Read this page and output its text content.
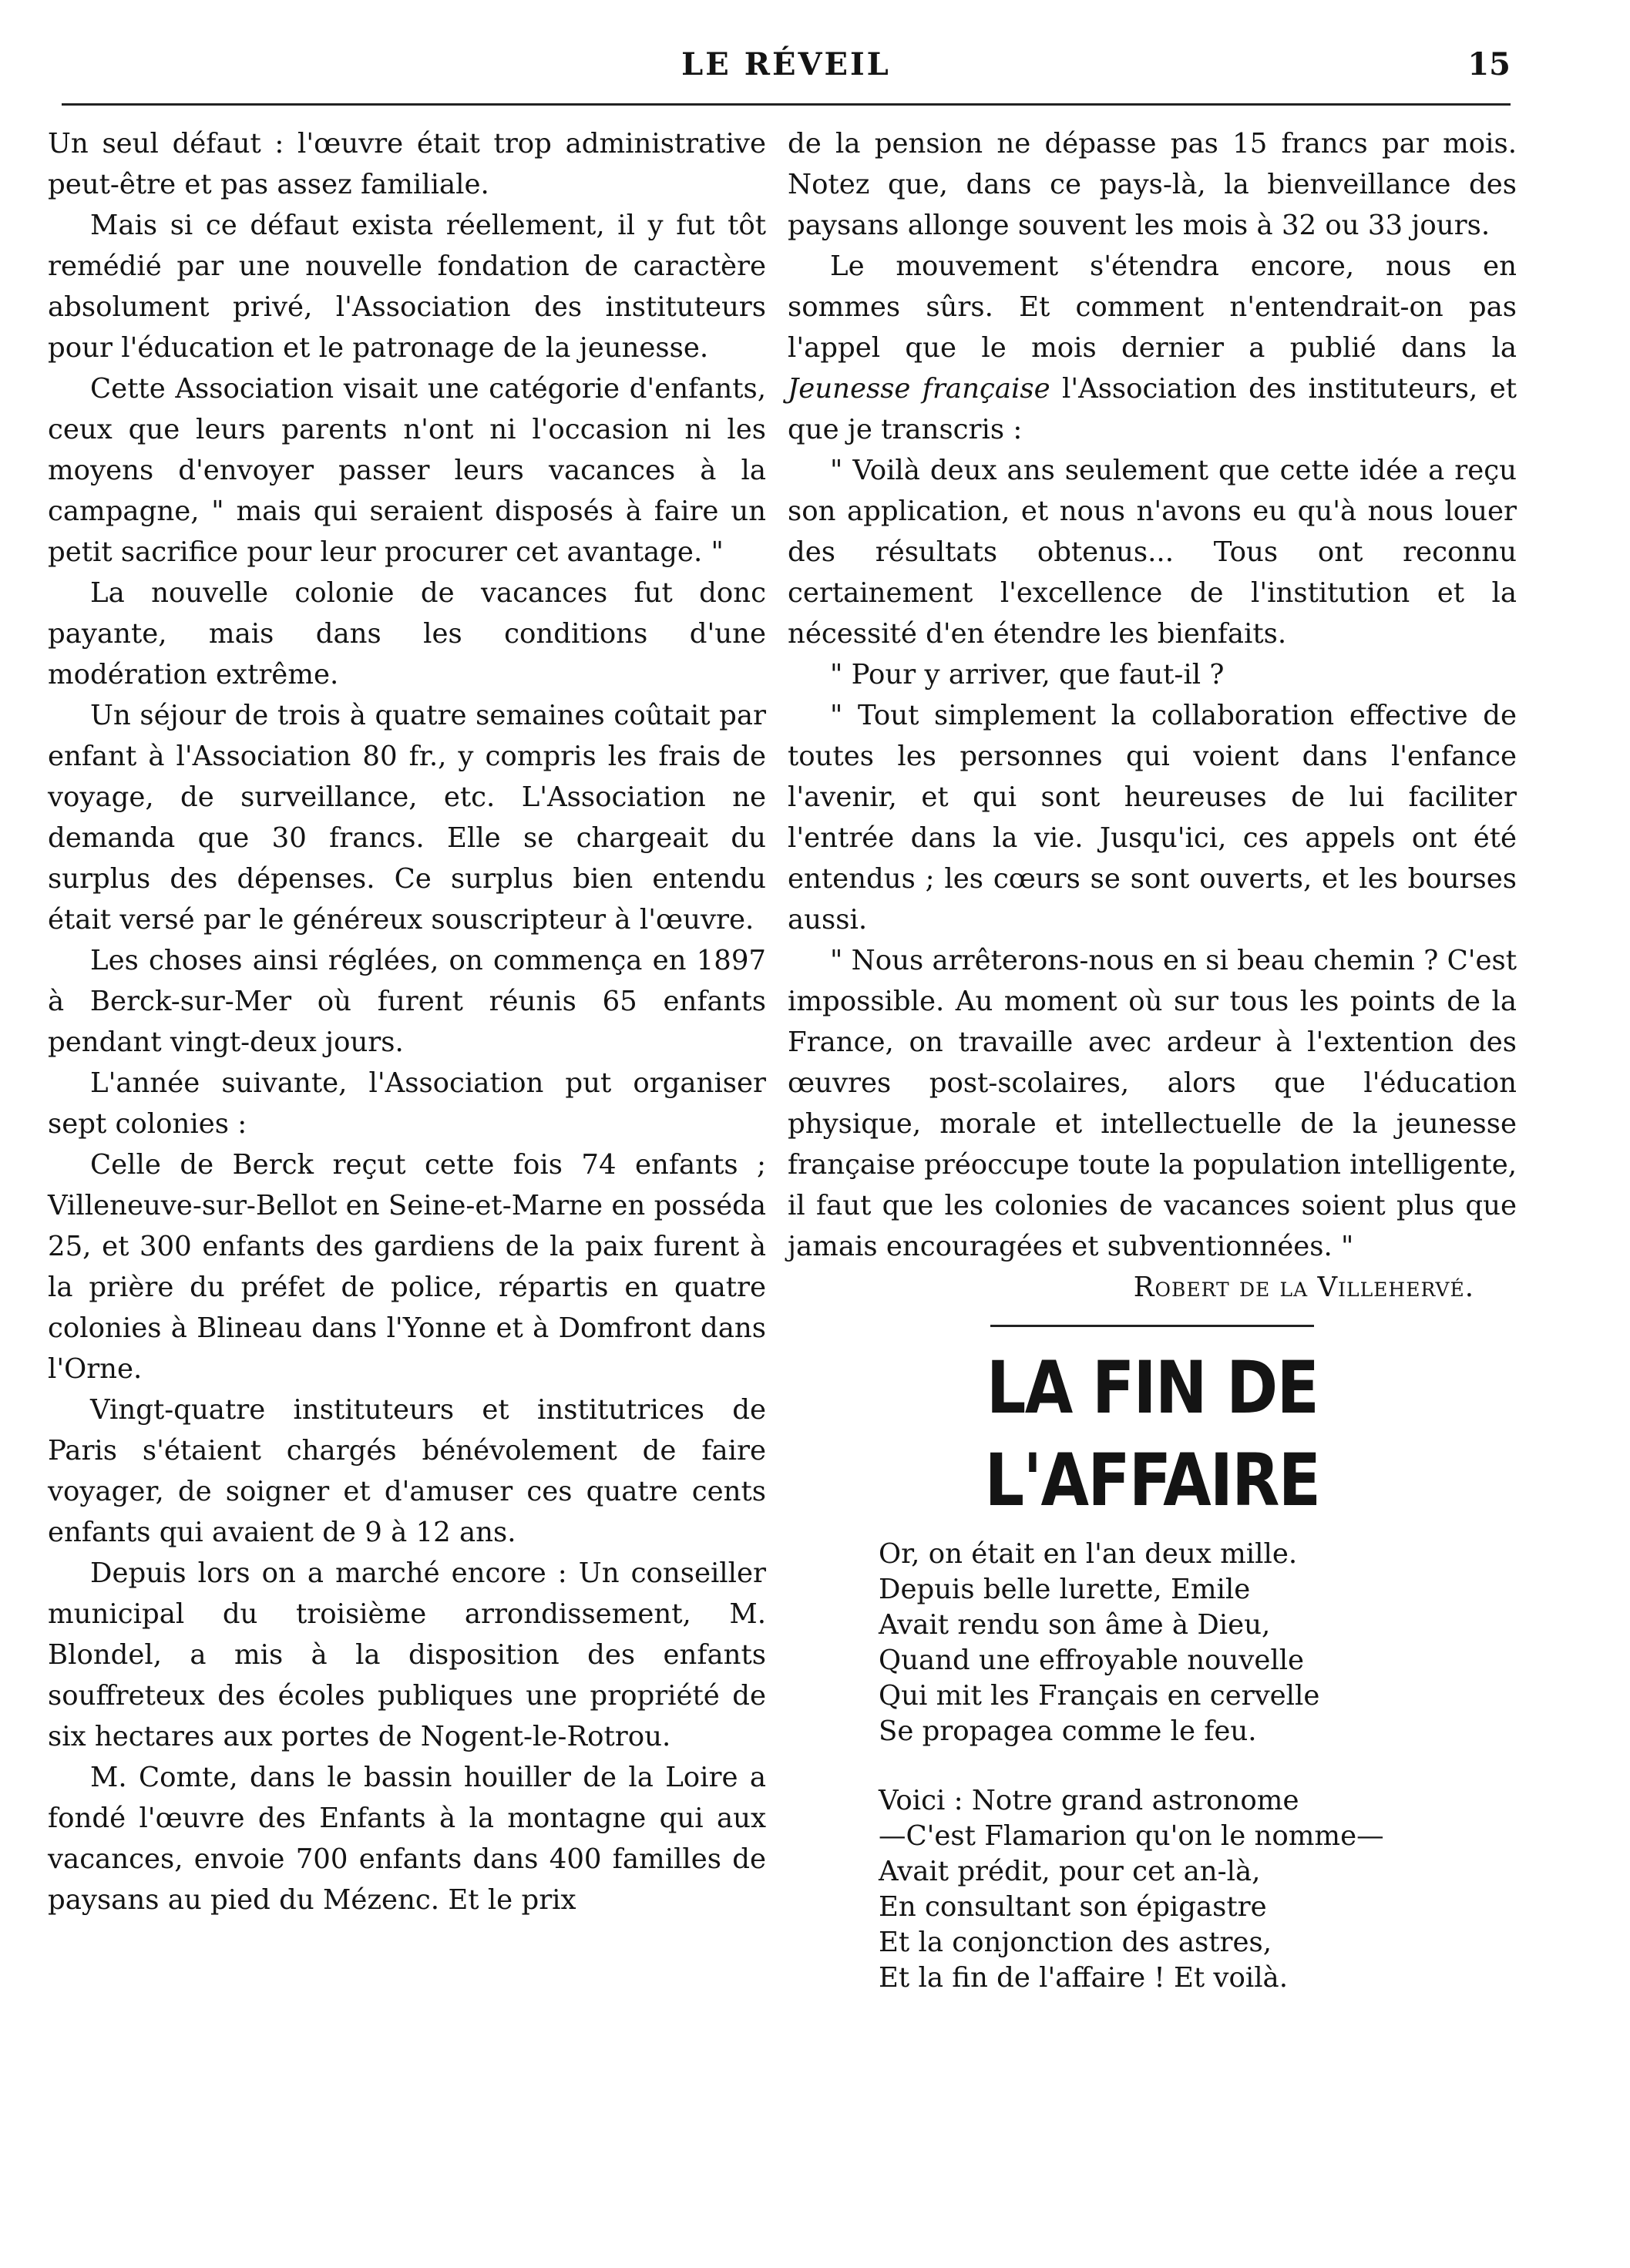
LE RÉVEIL	15

Un seul défaut : l'œuvre était trop administrative peut-être et pas assez familiale.

Mais si ce défaut exista réellement, il y fut tôt remédié par une nouvelle fondation de caractère absolument privé, l'Association des instituteurs pour l'éducation et le patronage de la jeunesse.

Cette Association visait une catégorie d'enfants, ceux que leurs parents n'ont ni l'occasion ni les moyens d'envoyer passer leurs vacances à la campagne, " mais qui seraient disposés à faire un petit sacrifice pour leur procurer cet avantage. "

La nouvelle colonie de vacances fut donc payante, mais dans les conditions d'une modération extrême.

Un séjour de trois à quatre semaines coûtait par enfant à l'Association 80 fr., y compris les frais de voyage, de surveillance, etc. L'Association ne demanda que 30 francs. Elle se chargeait du surplus des dépenses. Ce surplus bien entendu était versé par le généreux souscripteur à l'œuvre.

Les choses ainsi réglées, on commença en 1897 à Berck-sur-Mer où furent réunis 65 enfants pendant vingt-deux jours.

L'année suivante, l'Association put organiser sept colonies :

Celle de Berck reçut cette fois 74 enfants ; Villeneuve-sur-Bellot en Seine-et-Marne en posséda 25, et 300 enfants des gardiens de la paix furent à la prière du préfet de police, répartis en quatre colonies à Blineau dans l'Yonne et à Domfront dans l'Orne.

Vingt-quatre instituteurs et institutrices de Paris s'étaient chargés bénévolement de faire voyager, de soigner et d'amuser ces quatre cents enfants qui avaient de 9 à 12 ans.

Depuis lors on a marché encore : Un conseiller municipal du troisième arrondissement, M. Blondel, a mis à la disposition des enfants souffreteux des écoles publiques une propriété de six hectares aux portes de Nogent-le-Rotrou.

M. Comte, dans le bassin houiller de la Loire a fondé l'œuvre des Enfants à la montagne qui aux vacances, envoie 700 enfants dans 400 familles de paysans au pied du Mézenc. Et le prix

de la pension ne dépasse pas 15 francs par mois. Notez que, dans ce pays-là, la bienveillance des paysans allonge souvent les mois à 32 ou 33 jours.

Le mouvement s'étendra encore, nous en sommes sûrs. Et comment n'entendrait-on pas l'appel que le mois dernier a publié dans la Jeunesse française l'Association des instituteurs, et que je transcris :

" Voilà deux ans seulement que cette idée a reçu son application, et nous n'avons eu qu'à nous louer des résultats obtenus... Tous ont reconnu certainement l'excellence de l'institution et la nécessité d'en étendre les bienfaits.

" Pour y arriver, que faut-il ?

" Tout simplement la collaboration effective de toutes les personnes qui voient dans l'enfance l'avenir, et qui sont heureuses de lui faciliter l'entrée dans la vie. Jusqu'ici, ces appels ont été entendus ; les cœurs se sont ouverts, et les bourses aussi.

" Nous arrêterons-nous en si beau chemin ? C'est impossible. Au moment où sur tous les points de la France, on travaille avec ardeur à l'extention des œuvres post-scolaires, alors que l'éducation physique, morale et intellectuelle de la jeunesse française préoccupe toute la population intelligente, il faut que les colonies de vacances soient plus que jamais encouragées et subventionnées. "

Robert de la Villehervé.

LA FIN DE L'AFFAIRE
Or, on était en l'an deux mille.
Depuis belle lurette, Emile
Avait rendu son âme à Dieu,
Quand une effroyable nouvelle
Qui mit les Français en cervelle
Se propagea comme le feu.
Voici : Notre grand astronome
—C'est Flamarion qu'on le nomme—
Avait prédit, pour cet an-là,
En consultant son épigastre
Et la conjonction des astres,
Et la fin de l'affaire ! Et voilà.
